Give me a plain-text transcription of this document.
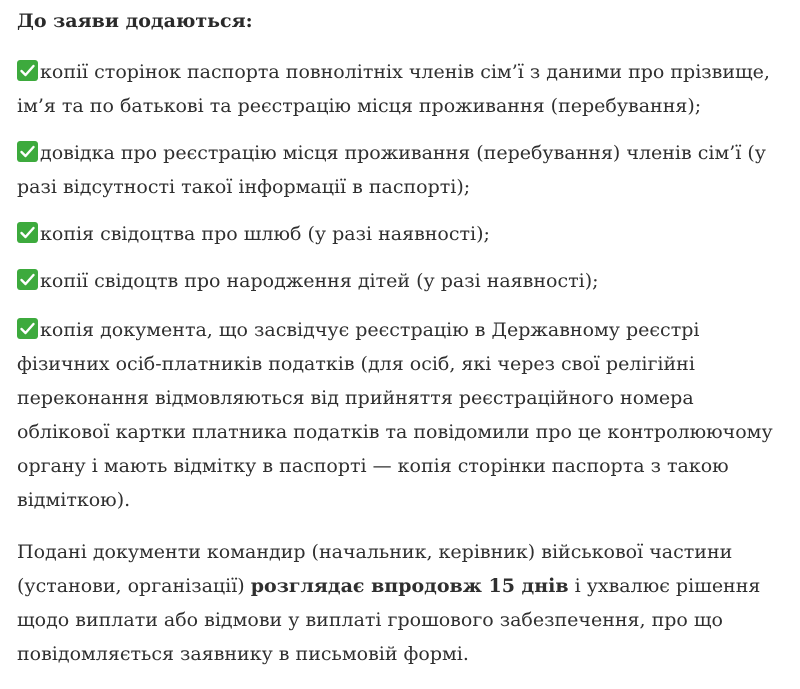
До заяви додаються:

копії сторінок паспорта повнолітніх членів сім’ї з даними про прізвище,
ім’я та по батькові та реєстрацію місця проживання (перебування);

довідка про реєстрацію місця проживання (перебування) членів сім’ї (у
разі відсутності такої інформації в паспорті);

копія свідоцтва про шлюб (у разі наявності);

копії свідоцтв про народження дітей (у разі наявності);

копія документа, що засвідчує реєстрацію в Державному реєстрі
фізичних осіб-платників податків (для осіб, які через свої релігійні
переконання відмовляються від прийняття реєстраційного номера
облікової картки платника податків та повідомили про це контролюючому
органу і мають відмітку в паспорті — копія сторінки паспорта з такою
відміткою).

Подані документи командир (начальник, керівник) військової частини
(установи, організації) розглядає впродовж 15 днів і ухвалює рішення
щодо виплати або відмови у виплаті грошового забезпечення, про що
повідомляється заявнику в письмовій формі.
